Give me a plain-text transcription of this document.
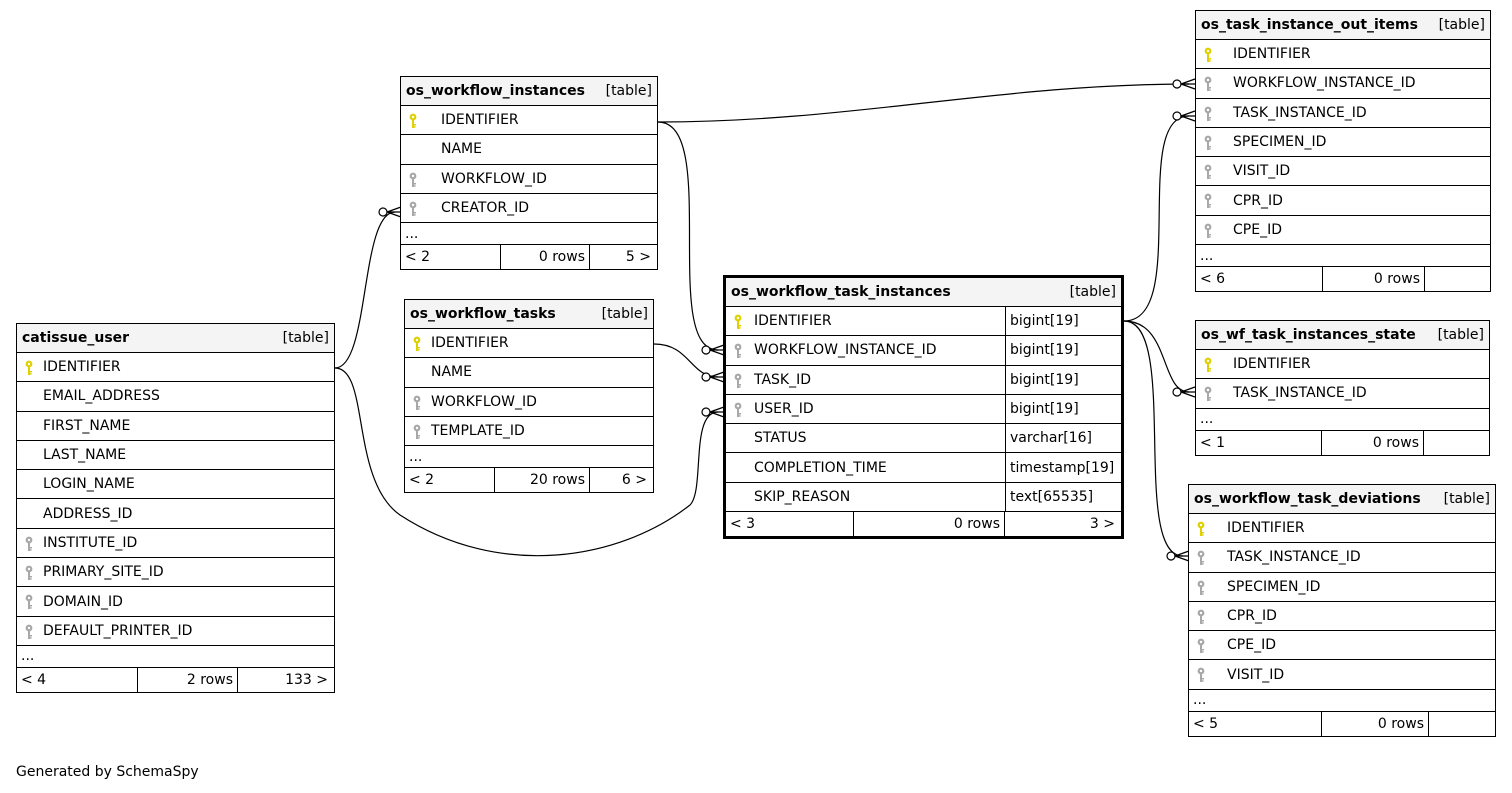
catissue_user	[table]
IDENTIFIER
EMAIL_ADDRESS
FIRST_NAME
LAST_NAME
LOGIN_NAME
ADDRESS_ID
INSTITUTE_ID
PRIMARY_SITE_ID
DOMAIN_ID
DEFAULT_PRINTER_ID
...
< 4	2 rows	133 >
os_workflow_instances [table]
IDENTIFIER
NAME
WORKFLOW_ID
CREATOR_ID
...
< 2	0 rows	5 >
os_workflow_tasks	[table]
IDENTIFIER
NAME
WORKFLOW_ID
TEMPLATE_ID
...
< 2	20 rows	6 >
os_workflow_task_instances	[table]
IDENTIFIER	bigint[19]
WORKFLOW_INSTANCE_ID	bigint[19]
TASK_ID	bigint[19]
USER_ID	bigint[19]
STATUS	varchar[16]
COMPLETION_TIME	timestamp[19]
SKIP_REASON	text[65535]
< 3	0 rows	3 >
os_task_instance_out_items [table]
IDENTIFIER
WORKFLOW_INSTANCE_ID
TASK_INSTANCE_ID
SPECIMEN_ID
VISIT_ID
CPR_ID
CPE_ID
...
< 6	0 rows
os_wf_task_instances_state [table]
IDENTIFIER
TASK_INSTANCE_ID
...
< 1	0 rows
os_workflow_task_deviations [table]
IDENTIFIER
TASK_INSTANCE_ID
SPECIMEN_ID
CPR_ID
CPE_ID
VISIT_ID
...
< 5	0 rows
Generated by SchemaSpy
